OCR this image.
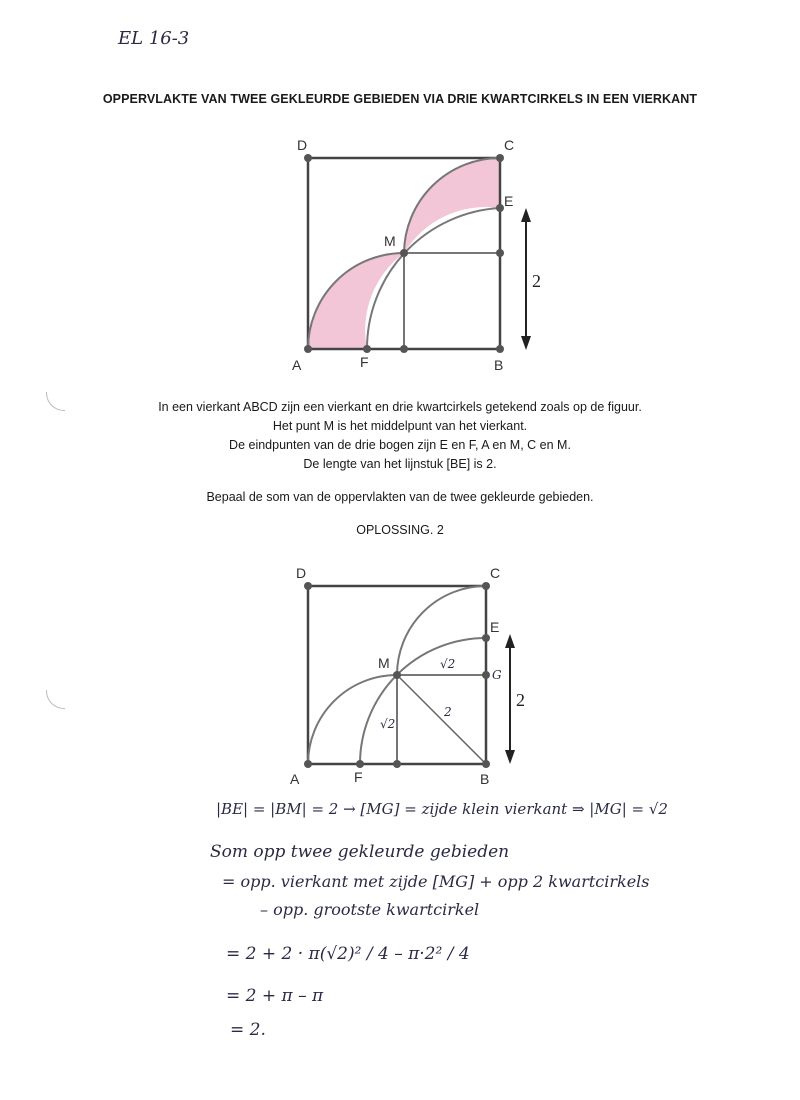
EL 16-3
OPPERVLAKTE VAN TWEE GEKLEURDE GEBIEDEN VIA DRIE KWARTCIRKELS IN EEN VIERKANT
A	F	B
D	C
E
M
2
In een vierkant ABCD zijn een vierkant en drie kwartcirkels getekend zoals op de figuur.
Het punt M is het middelpunt van het vierkant.
De eindpunten van de drie bogen zijn E en F, A en M, C en M.
De lengte van het lijnstuk [BE] is 2.
Bepaal de som van de oppervlakten van de twee gekleurde gebieden.
OPLOSSING. 2
A	F	B
D	C
E
M
G
√2
√2
2
2
|BE| = |BM| = 2 → [MG] = zijde klein vierkant ⇒ |MG| = √2
Som opp twee gekleurde gebieden
= opp. vierkant met zijde [MG] + opp 2 kwartcirkels
– opp. grootste kwartcirkel
= 2 + 2 · π(√2)² / 4 – π·2² / 4
= 2 + π – π
= 2.
